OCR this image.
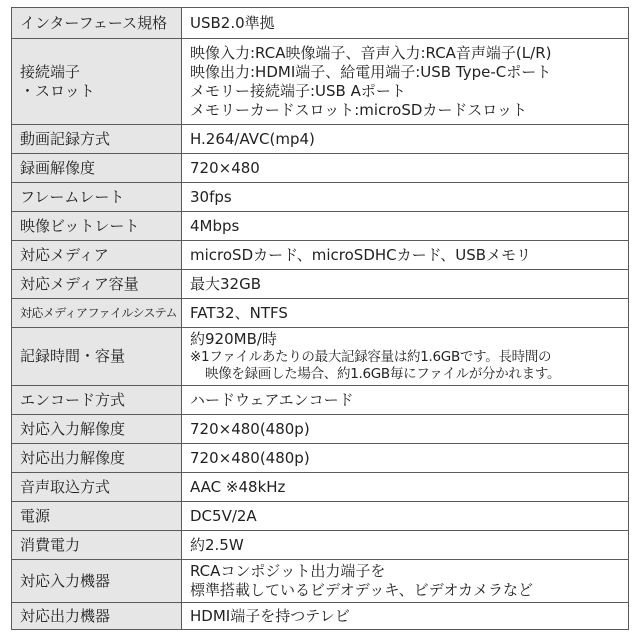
インターフェース規格	USB2.0準拠

接続端子
・スロット	映像入力:RCA映像端子、音声入力:RCA音声端子(L/R)
映像出力:HDMI端子、給電用端子:USB Type-Cポート
メモリー接続端子:USB Aポート
メモリーカードスロット:microSDカードスロット

動画記録方式	H.264/AVC(mp4)

録画解像度	720×480

フレームレート	30fps

映像ビットレート	4Mbps

対応メディア	microSDカード、microSDHCカード、USBメモリ

対応メディア容量	最大32GB

対応メディアファイルシステム	FAT32、NTFS

記録時間・容量	約920MB/時
※1ファイルあたりの最大記録容量は約1.6GBです。長時間の
映像を録画した場合、約1.6GB毎にファイルが分かれます。

エンコード方式	ハードウェアエンコード

対応入力解像度	720×480(480p)

対応出力解像度	720×480(480p)

音声取込方式	AAC ※48kHz

電源	DC5V/2A

消費電力	約2.5W

対応入力機器	RCAコンポジット出力端子を
標準搭載しているビデオデッキ、ビデオカメラなど

対応出力機器	HDMI端子を持つテレビ
